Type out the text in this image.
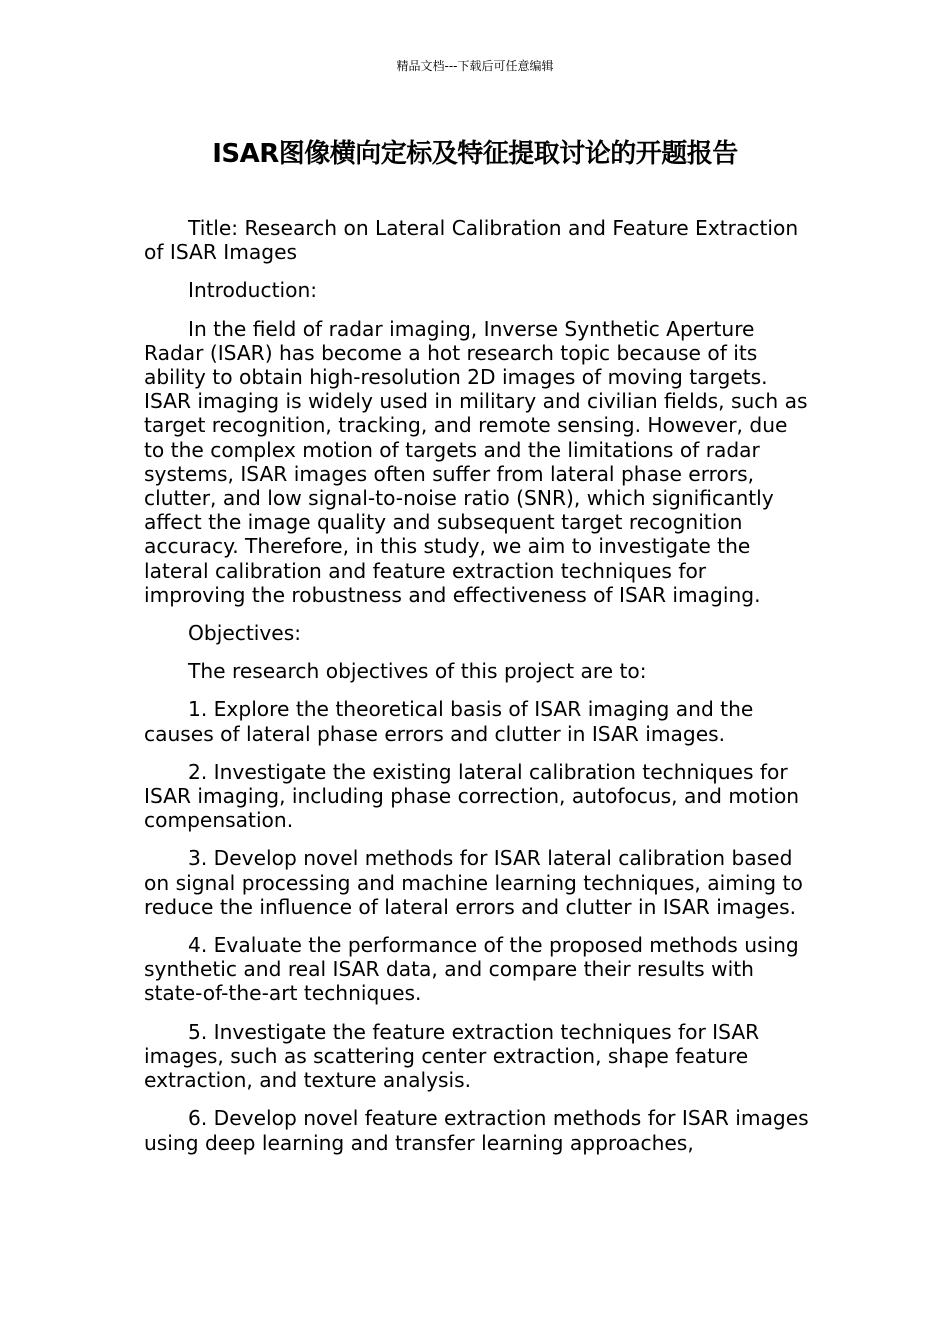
精品文档---下载后可任意编辑
ISAR图像横向定标及特征提取讨论的开题报告

Title: Research on Lateral Calibration and Feature Extraction of ISAR Images

Introduction:

In the field of radar imaging, Inverse Synthetic Aperture Radar (ISAR) has become a hot research topic because of its ability to obtain high-resolution 2D images of moving targets. ISAR imaging is widely used in military and civilian fields, such as target recognition, tracking, and remote sensing. However, due to the complex motion of targets and the limitations of radar systems, ISAR images often suffer from lateral phase errors, clutter, and low signal-to-noise ratio (SNR), which significantly affect the image quality and subsequent target recognition accuracy. Therefore, in this study, we aim to investigate the lateral calibration and feature extraction techniques for improving the robustness and effectiveness of ISAR imaging.

Objectives:

The research objectives of this project are to:

1. Explore the theoretical basis of ISAR imaging and the causes of lateral phase errors and clutter in ISAR images.

2. Investigate the existing lateral calibration techniques for ISAR imaging, including phase correction, autofocus, and motion compensation.

3. Develop novel methods for ISAR lateral calibration based on signal processing and machine learning techniques, aiming to reduce the influence of lateral errors and clutter in ISAR images.

4. Evaluate the performance of the proposed methods using synthetic and real ISAR data, and compare their results with state-of-the-art techniques.

5. Investigate the feature extraction techniques for ISAR images, such as scattering center extraction, shape feature extraction, and texture analysis.

6. Develop novel feature extraction methods for ISAR images using deep learning and transfer learning approaches,
